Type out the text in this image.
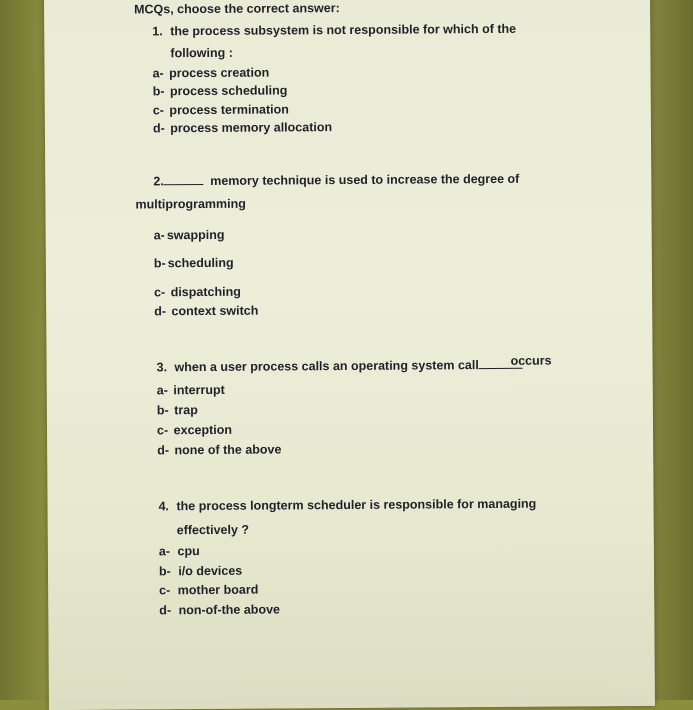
MCQs, choose the correct answer:
1. the process subsystem is not responsible for which of the
following :
a- process creation
b- process scheduling
c- process termination
d- process memory allocation
2.	memory technique is used to increase the degree of
multiprogramming
a- swapping
b- scheduling
c- dispatching
d- context switch
3. when a user process calls an operating system call	occurs
a- interrupt
b- trap
c- exception
d- none of the above
4. the process longterm scheduler is responsible for managing
effectively ?
a- cpu
b- i/o devices
c- mother board
d- non-of-the above
